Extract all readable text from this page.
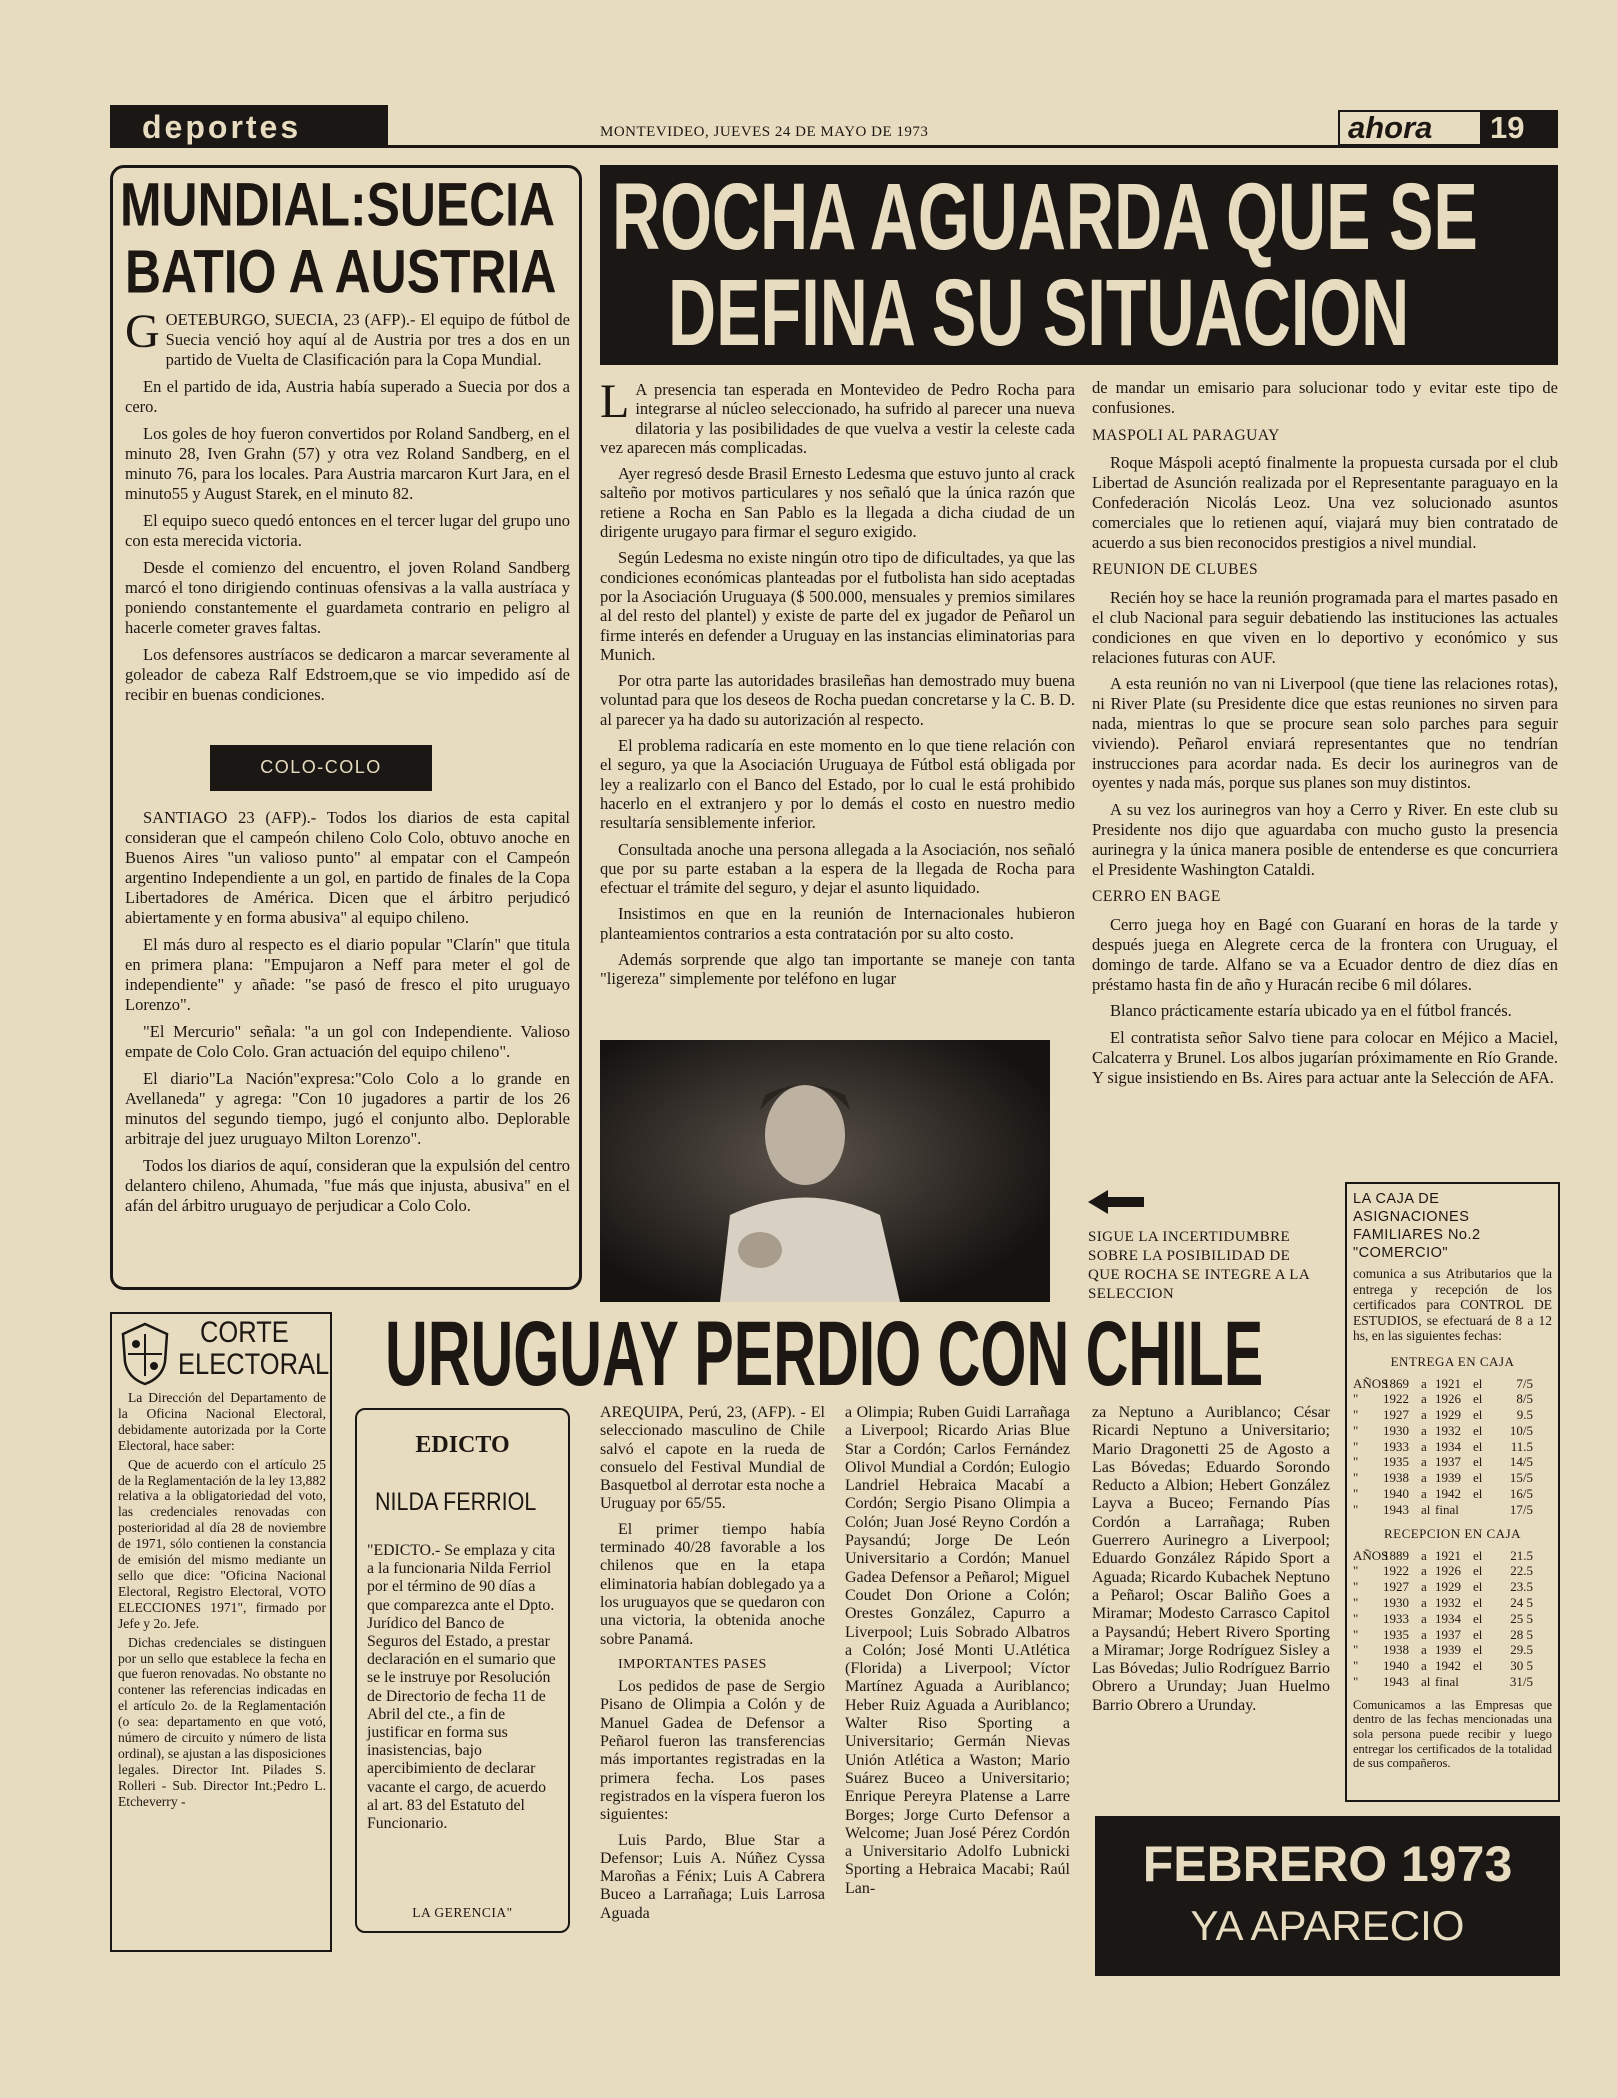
deportes	MONTEVIDEO, JUEVES 24 DE MAYO DE 1973	ahora 19
MUNDIAL:SUECIA
BATIO A AUSTRIA
G OETEBURGO, SUECIA, 23 (AFP).- El equipo de fútbol de Suecia venció hoy aquí al de Austria por tres a dos en un partido de Vuelta de Clasificación para la Copa Mundial.

En el partido de ida, Austria había superado a Suecia por dos a cero.

Los goles de hoy fueron convertidos por Roland Sandberg, en el minuto 28, Iven Grahn (57) y otra vez Roland Sandberg, en el minuto 76, para los locales. Para Austria marcaron Kurt Jara, en el minuto55 y August Starek, en el minuto 82.

El equipo sueco quedó entonces en el tercer lugar del grupo uno con esta merecida victoria.

Desde el comienzo del encuentro, el joven Roland Sandberg marcó el tono dirigiendo continuas ofensivas a la valla austríaca y poniendo constantemente el guardameta contrario en peligro al hacerle cometer graves faltas.

Los defensores austríacos se dedicaron a marcar severamente al goleador de cabeza Ralf Edstroem,que se vio impedido así de recibir en buenas condiciones.

COLO-COLO

SANTIAGO 23 (AFP).- Todos los diarios de esta capital consideran que el campeón chileno Colo Colo, obtuvo anoche en Buenos Aires "un valioso punto" al empatar con el Campeón argentino Independiente a un gol, en partido de finales de la Copa Libertadores de América. Dicen que el árbitro perjudicó abiertamente y en forma abusiva" al equipo chileno.

El más duro al respecto es el diario popular "Clarín" que titula en primera plana: "Empujaron a Neff para meter el gol de independiente" y añade: "se pasó de fresco el pito uruguayo Lorenzo".

"El Mercurio" señala: "a un gol con Independiente. Valioso empate de Colo Colo. Gran actuación del equipo chileno".

El diario"La Nación"expresa:"Colo Colo a lo grande en Avellaneda" y agrega: "Con 10 jugadores a partir de los 26 minutos del segundo tiempo, jugó el conjunto albo. Deplorable arbitraje del juez uruguayo Milton Lorenzo".

Todos los diarios de aquí, consideran que la expulsión del centro delantero chileno, Ahumada, "fue más que injusta, abusiva" en el afán del árbitro uruguayo de perjudicar a Colo Colo.

ROCHA AGUARDA QUE SE
DEFINA SU SITUACION
L A presencia tan esperada en Montevideo de Pedro Rocha para integrarse al núcleo seleccionado, ha sufrido al parecer una nueva dilatoria y las posibilidades de que vuelva a vestir la celeste cada vez aparecen más complicadas.

Ayer regresó desde Brasil Ernesto Ledesma que estuvo junto al crack salteño por motivos particulares y nos señaló que la única razón que retiene a Rocha en San Pablo es la llegada a dicha ciudad de un dirigente urugayo para firmar el seguro exigido.

Según Ledesma no existe ningún otro tipo de dificultades, ya que las condiciones económicas planteadas por el futbolista han sido aceptadas por la Asociación Uruguaya ($ 500.000, mensuales y premios similares al del resto del plantel) y existe de parte del ex jugador de Peñarol un firme interés en defender a Uruguay en las instancias eliminatorias para Munich.

Por otra parte las autoridades brasileñas han demostrado muy buena voluntad para que los deseos de Rocha puedan concretarse y la C. B. D. al parecer ya ha dado su autorización al respecto.

El problema radicaría en este momento en lo que tiene relación con el seguro, ya que la Asociación Uruguaya de Fútbol está obligada por ley a realizarlo con el Banco del Estado, por lo cual le está prohibido hacerlo en el extranjero y por lo demás el costo en nuestro medio resultaría sensiblemente inferior.

Consultada anoche una persona allegada a la Asociación, nos señaló que por su parte estaban a la espera de la llegada de Rocha para efectuar el trámite del seguro, y dejar el asunto liquidado.

Insistimos en que en la reunión de Internacionales hubieron planteamientos contrarios a esta contratación por su alto costo.

Además sorprende que algo tan importante se maneje con tanta "ligereza" simplemente por teléfono en lugar

SIGUE LA INCERTIDUMBRE SOBRE LA POSIBILIDAD DE QUE ROCHA SE INTEGRE A LA SELECCION

de mandar un emisario para solucionar todo y evitar este tipo de confusiones.

MASPOLI AL PARAGUAY

Roque Máspoli aceptó finalmente la propuesta cursada por el club Libertad de Asunción realizada por el Representante paraguayo en la Confederación Nicolás Leoz. Una vez solucionado asuntos comerciales que lo retienen aquí, viajará muy bien contratado de acuerdo a sus bien reconocidos prestigios a nivel mundial.

REUNION DE CLUBES

Recién hoy se hace la reunión programada para el martes pasado en el club Nacional para seguir debatiendo las instituciones las actuales condiciones en que viven en lo deportivo y económico y sus relaciones futuras con AUF.

A esta reunión no van ni Liverpool (que tiene las relaciones rotas), ni River Plate (su Presidente dice que estas reuniones no sirven para nada, mientras lo que se procure sean solo parches para seguir viviendo). Peñarol enviará representantes que no tendrían instrucciones para acordar nada. Es decir los aurinegros van de oyentes y nada más, porque sus planes son muy distintos.

A su vez los aurinegros van hoy a Cerro y River. En este club su Presidente nos dijo que aguardaba con mucho gusto la presencia aurinegra y la única manera posible de entenderse es que concurriera el Presidente Washington Cataldi.

CERRO EN BAGE

Cerro juega hoy en Bagé con Guaraní en horas de la tarde y después juega en Alegrete cerca de la frontera con Uruguay, el domingo de tarde. Alfano se va a Ecuador dentro de diez días en préstamo hasta fin de año y Huracán recibe 6 mil dólares.

Blanco prácticamente estaría ubicado ya en el fútbol francés.

El contratista señor Salvo tiene para colocar en Méjico a Maciel, Calcaterra y Brunel. Los albos jugarían próximamente en Río Grande. Y sigue insistiendo en Bs. Aires para actuar ante la Selección de AFA.

LA CAJA DE ASIGNACIONES FAMILIARES No.2 "COMERCIO"
comunica a sus Atributarios que la entrega y recepción de los certificados para CONTROL DE ESTUDIOS, se efectuará de 8 a 12 hs, en las siguientes fechas:
ENTREGA EN CAJA
AÑOS
1869 a 1921 el	7/5
"	1922 a 1926 el	8/5
"	1927 a 1929 el	9.5
"	1930 a 1932 el	10/5
"	1933 a 1934 el	11.5
"	1935 a 1937 el	14/5
"	1938 a 1939 el	15/5
"	1940 a 1942 el	16/5
"	1943 al final	17/5
RECEPCION EN CAJA
AÑOS
1889 a 1921 el	21.5
"	1922 a 1926 el	22.5
"	1927 a 1929 el	23.5
"	1930 a 1932 el	24 5
"	1933 a 1934 el	25 5
"	1935 a 1937 el	28 5
"	1938 a 1939 el	29.5
"	1940 a 1942 el	30 5
"	1943 al final	31/5
Comunicamos a las Empresas que dentro de las fechas mencionadas una sola persona puede recibir y luego entregar los certificados de la totalidad de sus compañeros.
CORTE
ELECTORAL

La Dirección del Departamento de la Oficina Nacional Electoral, debidamente autorizada por la Corte Electoral, hace saber:

Que de acuerdo con el artículo 25 de la Reglamentación de la ley 13,882 relativa a la obligatoriedad del voto, las credenciales renovadas con posterioridad al día 28 de noviembre de 1971, sólo contienen la constancia de emisión del mismo mediante un sello que dice: "Oficina Nacional Electoral, Registro Electoral, VOTO ELECCIONES 1971", firmado por Jefe y 2o. Jefe.

Dichas credenciales se distinguen por un sello que establece la fecha en que fueron renovadas. No obstante no contener las referencias indicadas en el artículo 2o. de la Reglamentación (o sea: departamento en que votó, número de circuito y número de lista ordinal), se ajustan a las disposiciones legales. Director Int. Pilades S. Rolleri - Sub. Director Int.;Pedro L. Etcheverry -

EDICTO
NILDA FERRIOL
"EDICTO.- Se emplaza y cita a la funcionaria Nilda Ferriol por el término de 90 días a que comparezca ante el Dpto. Jurídico del Banco de Seguros del Estado, a prestar declaración en el sumario que se le instruye por Resolución de Directorio de fecha 11 de Abril del cte., a fin de justificar en forma sus inasistencias, bajo apercibimiento de declarar vacante el cargo, de acuerdo al art. 83 del Estatuto del Funcionario.
LA GERENCIA"
URUGUAY PERDIO CON CHILE

AREQUIPA, Perú, 23, (AFP). - El seleccionado masculino de Chile salvó el capote en la rueda de consuelo del Festival Mundial de Basquetbol al derrotar esta noche a Uruguay por 65/55.

El primer tiempo había terminado 40/28 favorable a los chilenos que en la etapa eliminatoria habían doblegado ya a los uruguayos que se quedaron con una victoria, la obtenida anoche sobre Panamá.

IMPORTANTES PASES

Los pedidos de pase de Sergio Pisano de Olimpia a Colón y de Manuel Gadea de Defensor a Peñarol fueron las transferencias más importantes registradas en la primera fecha. Los pases registrados en la víspera fueron los siguientes:

Luis Pardo, Blue Star a Defensor; Luis A. Núñez Cyssa Maroñas a Fénix; Luis A Cabrera Buceo a Larrañaga; Luis Larrosa Aguada

a Olimpia; Ruben Guidi Larrañaga a Liverpool; Ricardo Arias Blue Star a Cordón; Carlos Fernández Olivol Mundial a Cordón; Eulogio Landriel Hebraica Macabí a Cordón; Sergio Pisano Olimpia a Colón; Juan José Reyno Cordón a Paysandú; Jorge De León Universitario a Cordón; Manuel Gadea Defensor a Peñarol; Miguel Coudet Don Orione a Colón; Orestes González, Capurro a Liverpool; Luis Sobrado Albatros a Colón; José Monti U.Atlética (Florida) a Liverpool; Víctor Martínez Aguada a Auriblanco; Heber Ruiz Aguada a Auriblanco; Walter Riso Sporting a Universitario; Germán Nievas Unión Atlética a Waston; Mario Suárez Buceo a Universitario; Enrique Pereyra Platense a Larre Borges; Jorge Curto Defensor a Welcome; Juan José Pérez Cordón a Universitario Adolfo Lubnicki Sporting a Hebraica Macabi; Raúl Lan-
za Neptuno a Auriblanco; César Ricardi Neptuno a Universitario; Mario Dragonetti 25 de Agosto a Las Bóvedas; Eduardo Sorondo Reducto a Albion; Hebert González Layva a Buceo; Fernando Pías Cordón a Larrañaga; Ruben Guerrero Aurinegro a Liverpool; Eduardo González Rápido Sport a Aguada; Ricardo Kubachek Neptuno a Peñarol; Oscar Baliño Goes a Miramar; Modesto Carrasco Capitol a Paysandú; Hebert Rivero Sporting a Miramar; Jorge Rodríguez Sisley a Las Bóvedas; Julio Rodríguez Barrio Obrero a Urunday; Juan Huelmo Barrio Obrero a Urunday.
FEBRERO 1973
YA APARECIO
